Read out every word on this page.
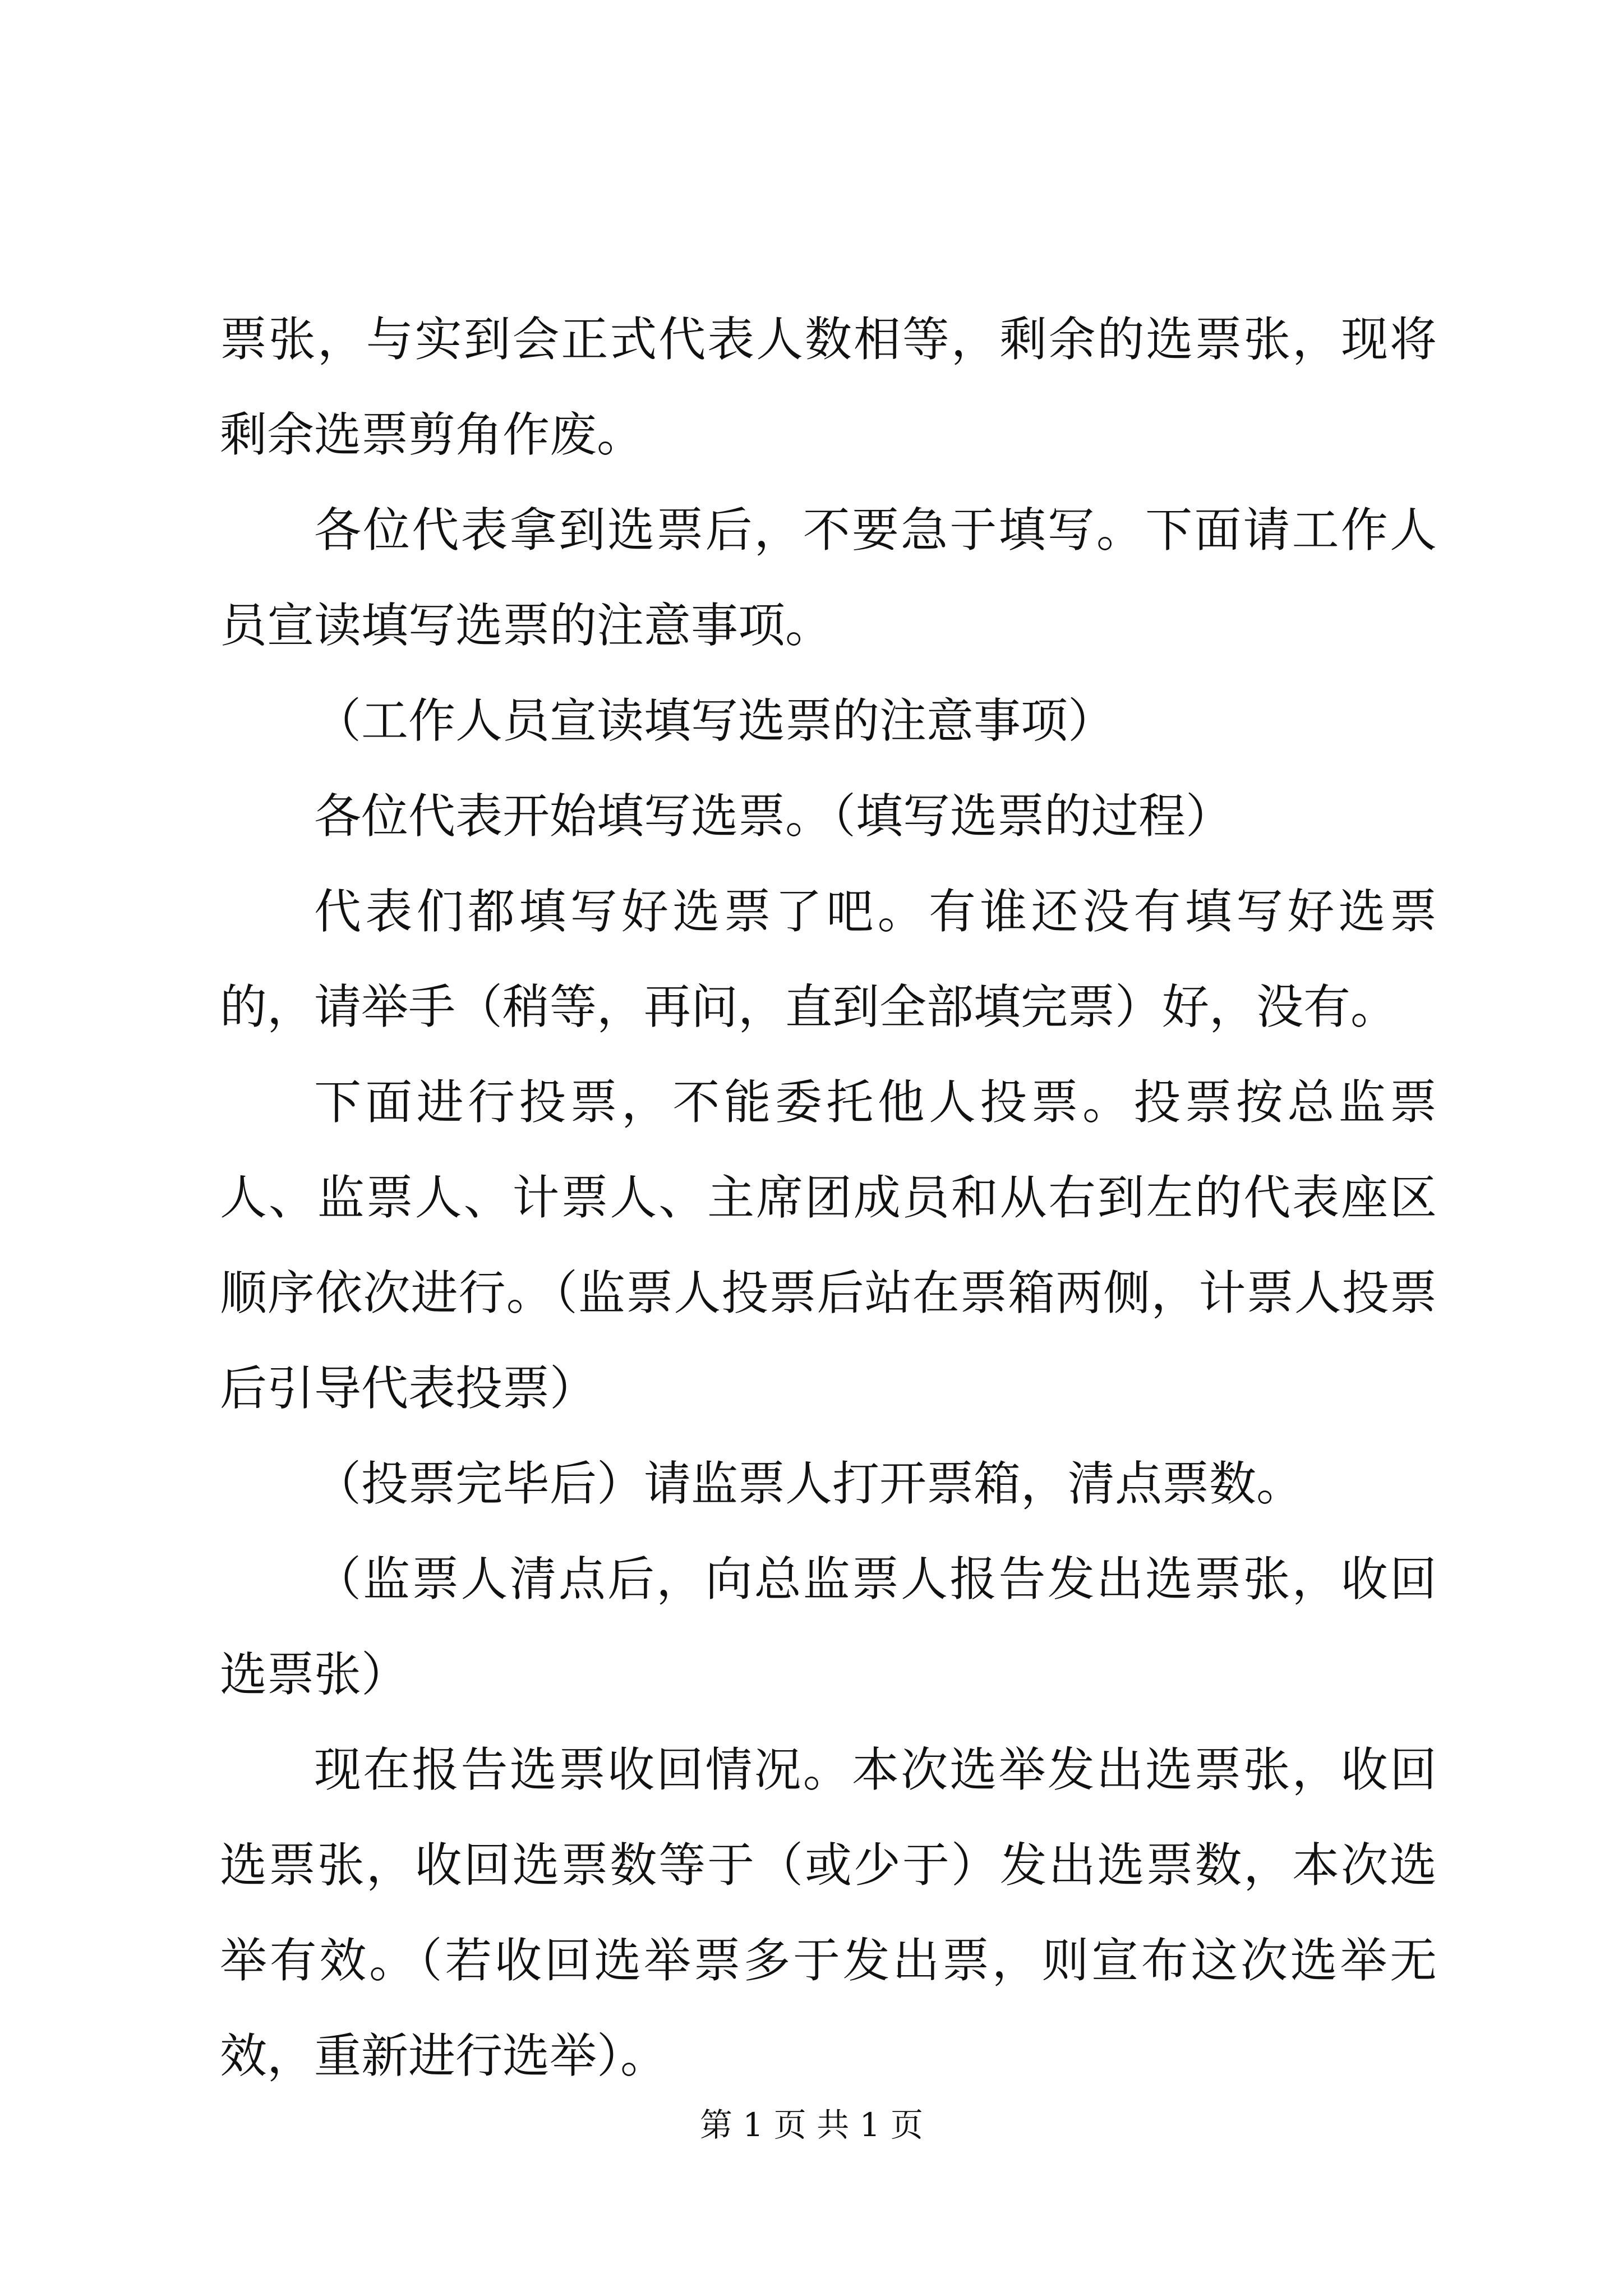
票张，与实到会正式代表人数相等，剩余的选票张，现将剩余选票剪角作废。

各位代表拿到选票后，不要急于填写。下面请工作人员宣读填写选票的注意事项。

（工作人员宣读填写选票的注意事项）

各位代表开始填写选票。（填写选票的过程）

代表们都填写好选票了吧。有谁还没有填写好选票的，请举手（稍等，再问，直到全部填完票）好，没有。

下面进行投票，不能委托他人投票。投票按总监票人、监票人、计票人、主席团成员和从右到左的代表座区顺序依次进行。（监票人投票后站在票箱两侧，计票人投票后引导代表投票）

（投票完毕后）请监票人打开票箱，清点票数。

（监票人清点后，向总监票人报告发出选票张，收回选票张）

现在报告选票收回情况。本次选举发出选票张，收回选票张，收回选票数等于（或少于）发出选票数，本次选举有效。（若收回选举票多于发出票，则宣布这次选举无效，重新进行选举）。

第 1 页 共 1 页
